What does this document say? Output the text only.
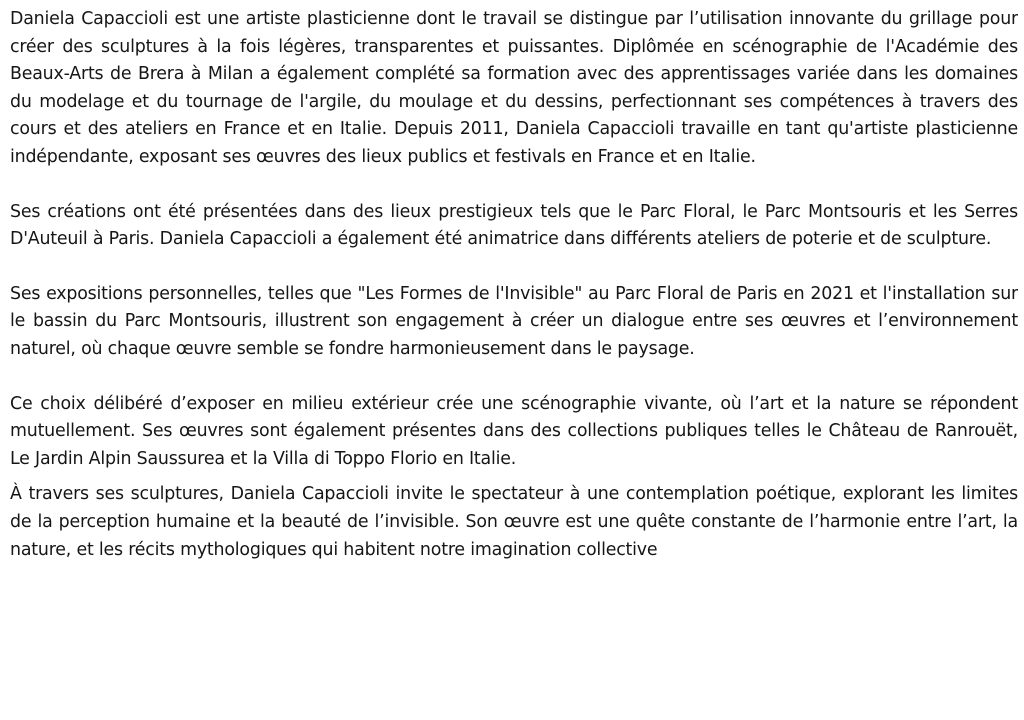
Daniela Capaccioli est une artiste plasticienne dont le travail se distingue par l’utilisation innovante du grillage pour créer des sculptures à la fois légères, transparentes et puissantes. Diplômée en scénographie de l'Académie des Beaux-Arts de Brera à Milan a également complété sa formation avec des apprentissages variée dans les domaines du modelage et du tournage de l'argile, du moulage et du dessins, perfectionnant ses compétences à travers des cours et des ateliers en France et en Italie. Depuis 2011, Daniela Capaccioli travaille en tant qu'artiste plasticienne indépendante, exposant ses œuvres des lieux publics et festivals en France et en Italie.

Ses créations ont été présentées dans des lieux prestigieux tels que le Parc Floral, le Parc Montsouris et les Serres D'Auteuil à Paris. Daniela Capaccioli a également été animatrice dans différents ateliers de poterie et de sculpture.

Ses expositions personnelles, telles que "Les Formes de l'Invisible" au Parc Floral de Paris en 2021 et l'installation sur le bassin du Parc Montsouris, illustrent son engagement à créer un dialogue entre ses œuvres et l’environnement naturel, où chaque œuvre semble se fondre harmonieusement dans le paysage.

Ce choix délibéré d’exposer en milieu extérieur crée une scénographie vivante, où l’art et la nature se répondent mutuellement. Ses œuvres sont également présentes dans des collections publiques telles le Château de Ranrouët, Le Jardin Alpin Saussurea et la Villa di Toppo Florio en Italie.

À travers ses sculptures, Daniela Capaccioli invite le spectateur à une contemplation poétique, explorant les limites de la perception humaine et la beauté de l’invisible. Son œuvre est une quête constante de l’harmonie entre l’art, la nature, et les récits mythologiques qui habitent notre imagination collective
